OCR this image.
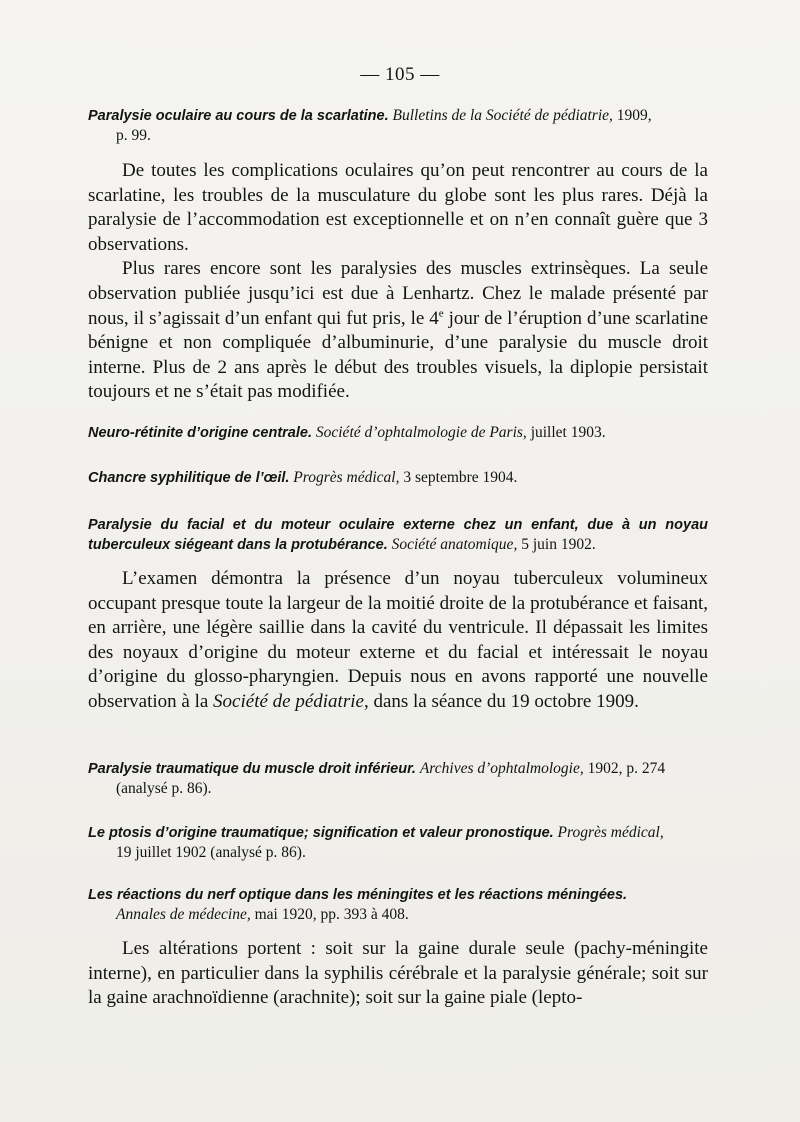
— 105 —
Paralysie oculaire au cours de la scarlatine. Bulletins de la Société de pédiatrie, 1909,
p. 99.

De toutes les complications oculaires qu’on peut rencontrer au cours de la scarlatine, les troubles de la musculature du globe sont les plus rares. Déjà la paralysie de l’accommodation est exceptionnelle et on n’en connaît guère que 3 observations.

Plus rares encore sont les paralysies des muscles extrinsèques. La seule observation publiée jusqu’ici est due à Lenhartz. Chez le malade présenté par nous, il s’agissait d’un enfant qui fut pris, le 4e jour de l’éruption d’une scarlatine bénigne et non compliquée d’albuminurie, d’une paralysie du muscle droit interne. Plus de 2 ans après le début des troubles visuels, la diplopie persistait toujours et ne s’était pas modifiée.

Neuro-rétinite d’origine centrale. Société d’ophtalmologie de Paris, juillet 1903.
Chancre syphilitique de l’œil. Progrès médical, 3 septembre 1904.
Paralysie du facial et du moteur oculaire externe chez un enfant, due à un noyau tuberculeux siégeant dans la protubérance. Société anatomique, 5 juin 1902.

L’examen démontra la présence d’un noyau tuberculeux volumineux occupant presque toute la largeur de la moitié droite de la protubérance et faisant, en arrière, une légère saillie dans la cavité du ventricule. Il dépassait les limites des noyaux d’origine du moteur externe et du facial et intéressait le noyau d’origine du glosso-pharyngien. Depuis nous en avons rapporté une nouvelle observation à la Société de pédiatrie, dans la séance du 19 octobre 1909.

Paralysie traumatique du muscle droit inférieur. Archives d’ophtalmologie, 1902, p. 274
(analysé p. 86).
Le ptosis d’origine traumatique; signification et valeur pronostique. Progrès médical,
19 juillet 1902 (analysé p. 86).
Les réactions du nerf optique dans les méningites et les réactions méningées.
Annales de médecine, mai 1920, pp. 393 à 408.

Les altérations portent : soit sur la gaine durale seule (pachy-méningite interne), en particulier dans la syphilis cérébrale et la paralysie générale; soit sur la gaine arachnoïdienne (arachnite); soit sur la gaine piale (lepto-
